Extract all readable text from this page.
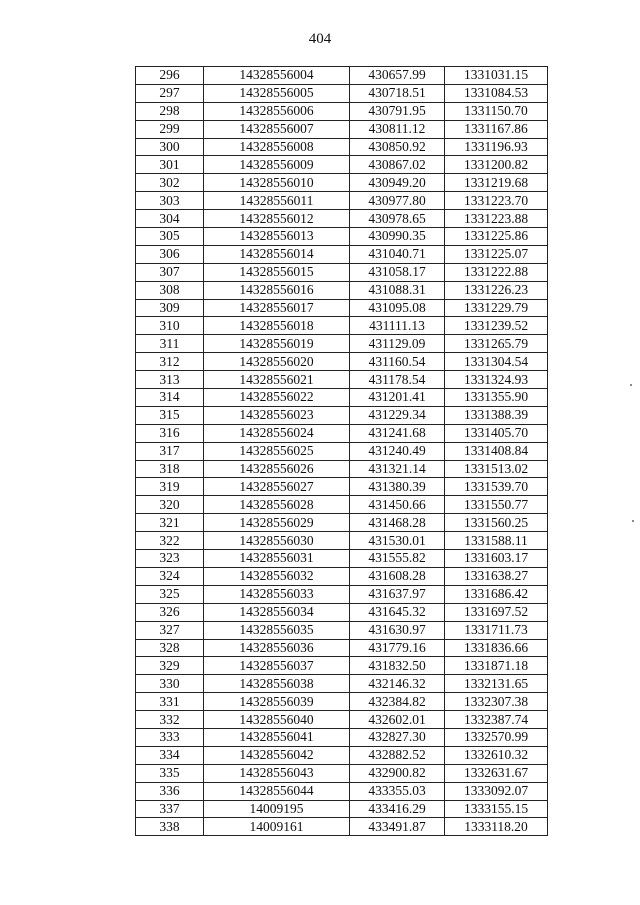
404
296	14328556004	430657.99	1331031.15
297	14328556005	430718.51	1331084.53
298	14328556006	430791.95	1331150.70
299	14328556007	430811.12	1331167.86
300	14328556008	430850.92	1331196.93
301	14328556009	430867.02	1331200.82
302	14328556010	430949.20	1331219.68
303	14328556011	430977.80	1331223.70
304	14328556012	430978.65	1331223.88
305	14328556013	430990.35	1331225.86
306	14328556014	431040.71	1331225.07
307	14328556015	431058.17	1331222.88
308	14328556016	431088.31	1331226.23
309	14328556017	431095.08	1331229.79
310	14328556018	431111.13	1331239.52
311	14328556019	431129.09	1331265.79
312	14328556020	431160.54	1331304.54
313	14328556021	431178.54	1331324.93
314	14328556022	431201.41	1331355.90
315	14328556023	431229.34	1331388.39
316	14328556024	431241.68	1331405.70
317	14328556025	431240.49	1331408.84
318	14328556026	431321.14	1331513.02
319	14328556027	431380.39	1331539.70
320	14328556028	431450.66	1331550.77
321	14328556029	431468.28	1331560.25
322	14328556030	431530.01	1331588.11
323	14328556031	431555.82	1331603.17
324	14328556032	431608.28	1331638.27
325	14328556033	431637.97	1331686.42
326	14328556034	431645.32	1331697.52
327	14328556035	431630.97	1331711.73
328	14328556036	431779.16	1331836.66
329	14328556037	431832.50	1331871.18
330	14328556038	432146.32	1332131.65
331	14328556039	432384.82	1332307.38
332	14328556040	432602.01	1332387.74
333	14328556041	432827.30	1332570.99
334	14328556042	432882.52	1332610.32
335	14328556043	432900.82	1332631.67
336	14328556044	433355.03	1333092.07
337	14009195	433416.29	1333155.15
338	14009161	433491.87	1333118.20
